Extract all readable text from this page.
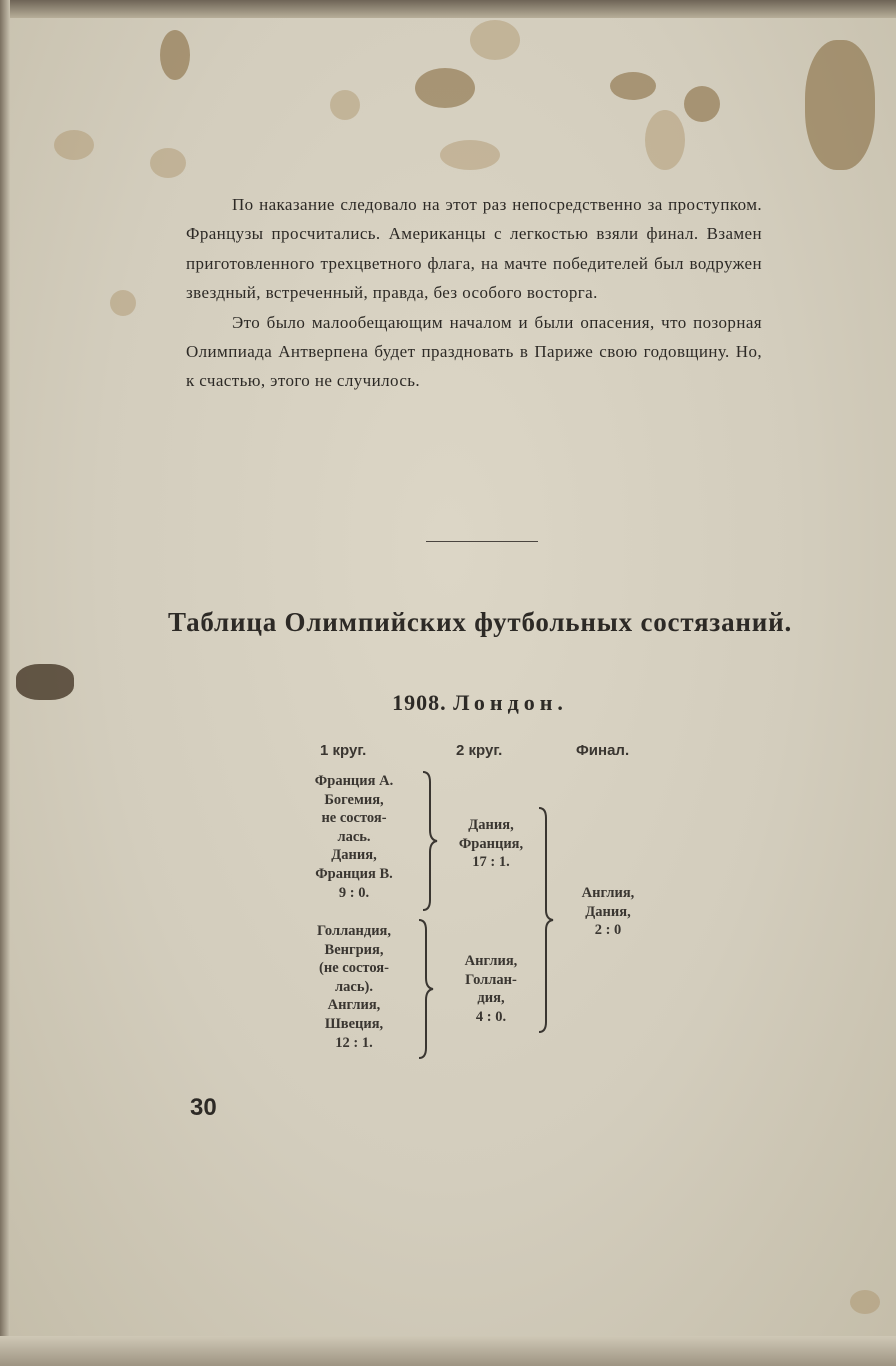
По наказание следовало на этот раз непосредственно за проступком. Французы просчитались. Американцы с легкостью взяли финал. Взамен приготовленного трехцветного флага, на мачте победителей был водружен звездный, встреченный, правда, без особого восторга.

Это было малообещающим началом и были опасения, что позорная Олимпиада Антверпена будет праздновать в Париже свою годовщину. Но, к счастью, этого не случилось.

Таблица Олимпийских футбольных состязаний.
1908. Лондон.
1 круг.	2 круг.	Финал.
Франция А.
Богемия,
не состоя-
лась.
Дания,
Франция В.
9 : 0.
Голландия,
Венгрия,
(не состоя-
лась).
Англия,
Швеция,
12 : 1.
Дания,
Франция,
17 : 1.
Англия,
Голлан-
дия,
4 : 0.
Англия,
Дания,
2 : 0
30
